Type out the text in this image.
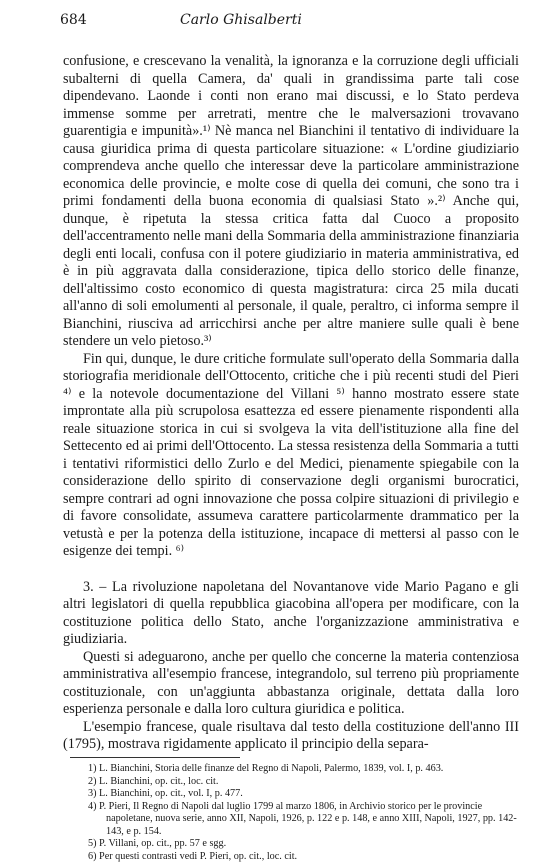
684	Carlo Ghisalberti

confusione, e crescevano la venalità, la ignoranza e la corruzione degli ufficiali subalterni di quella Camera, da' quali in grandissima parte tali cose dipendevano. Laonde i conti non erano mai discussi, e lo Stato perdeva immense somme per arretrati, mentre che le malversazioni trovavano guarentigia e impunità».¹⁾ Nè manca nel Bianchini il tentativo di individuare la causa giuridica prima di questa particolare situazione: « L'ordine giudiziario comprendeva anche quello che interessar deve la particolare amministrazione economica delle provincie, e molte cose di quella dei comuni, che sono tra i primi fondamenti della buona economia di qualsiasi Stato ».²⁾ Anche qui, dunque, è ripetuta la stessa critica fatta dal Cuoco a proposito dell'accentramento nelle mani della Sommaria della amministrazione finanziaria degli enti locali, confusa con il potere giudiziario in materia amministrativa, ed è in più aggravata dalla considerazione, tipica dello storico delle finanze, dell'altissimo costo economico di questa magistratura: circa 25 mila ducati all'anno di soli emolumenti al personale, il quale, peraltro, ci informa sempre il Bianchini, riusciva ad arricchirsi anche per altre maniere sulle quali è bene stendere un velo pietoso.³⁾

Fin qui, dunque, le dure critiche formulate sull'operato della Sommaria dalla storiografia meridionale dell'Ottocento, critiche che i più recenti studi del Pieri ⁴⁾ e la notevole documentazione del Villani ⁵⁾ hanno mostrato essere state improntate alla più scrupolosa esattezza ed essere pienamente rispondenti alla reale situazione storica in cui si svolgeva la vita dell'istituzione alla fine del Settecento ed ai primi dell'Ottocento. La stessa resistenza della Sommaria a tutti i tentativi riformistici dello Zurlo e del Medici, pienamente spiegabile con la considerazione dello spirito di conservazione degli organismi burocratici, sempre contrari ad ogni innovazione che possa colpire situazioni di privilegio e di favore consolidate, assumeva carattere particolarmente drammatico per la vetustà e per la potenza della istituzione, incapace di mettersi al passo con le esigenze dei tempi. ⁶⁾

3. – La rivoluzione napoletana del Novantanove vide Mario Pagano e gli altri legislatori di quella repubblica giacobina all'opera per modificare, con la costituzione politica dello Stato, anche l'organizzazione amministrativa e giudiziaria.

Questi si adeguarono, anche per quello che concerne la materia contenziosa amministrativa all'esempio francese, integrandolo, sul terreno più propriamente costituzionale, con un'aggiunta abbastanza originale, dettata dalla loro esperienza personale e dalla loro cultura giuridica e politica.

L'esempio francese, quale risultava dal testo della costituzione dell'anno III (1795), mostrava rigidamente applicato il principio della separa-

1) L. Bianchini, Storia delle finanze del Regno di Napoli, Palermo, 1839, vol. I, p. 463.
2) L. Bianchini, op. cit., loc. cit.
3) L. Bianchini, op. cit., vol. I, p. 477.
4) P. Pieri, Il Regno di Napoli dal luglio 1799 al marzo 1806, in Archivio storico per le provincie napoletane, nuova serie, anno XII, Napoli, 1926, p. 122 e p. 148, e anno XIII, Napoli, 1927, pp. 142-143, e p. 154.
5) P. Villani, op. cit., pp. 57 e sgg.
6) Per questi contrasti vedi P. Pieri, op. cit., loc. cit.
